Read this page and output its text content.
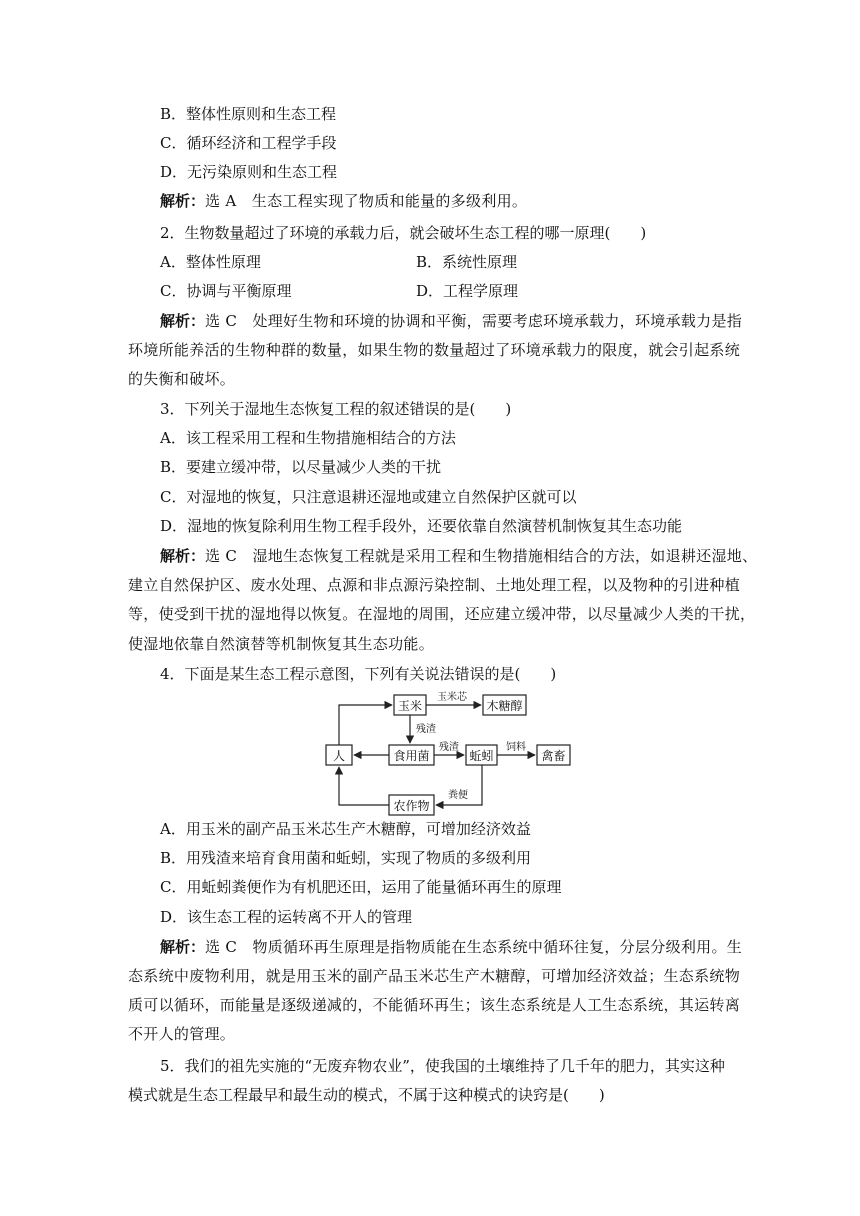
B．整体性原则和生态工程
C．循环经济和工程学手段
D．无污染原则和生态工程
解析：选 A　生态工程实现了物质和能量的多级利用。
2．生物数量超过了环境的承载力后，就会破坏生态工程的哪一原理(　　)
A．整体性原理	B．系统性原理
C．协调与平衡原理	D．工程学原理
解析：选 C　处理好生物和环境的协调和平衡，需要考虑环境承载力，环境承载力是指
环境所能养活的生物种群的数量，如果生物的数量超过了环境承载力的限度，就会引起系统
的失衡和破坏。
3．下列关于湿地生态恢复工程的叙述错误的是(　　)
A．该工程采用工程和生物措施相结合的方法
B．要建立缓冲带，以尽量减少人类的干扰
C．对湿地的恢复，只注意退耕还湿地或建立自然保护区就可以
D．湿地的恢复除利用生物工程手段外，还要依靠自然演替机制恢复其生态功能
解析：选 C　湿地生态恢复工程就是采用工程和生物措施相结合的方法，如退耕还湿地、
建立自然保护区、废水处理、点源和非点源污染控制、土地处理工程，以及物种的引进种植
等，使受到干扰的湿地得以恢复。在湿地的周围，还应建立缓冲带，以尽量减少人类的干扰，
使湿地依靠自然演替等机制恢复其生态功能。
4．下面是某生态工程示意图，下列有关说法错误的是(　　)
玉米	木糖醇
人	食用菌	蚯蚓	禽畜
农作物
玉米芯
残渣
残渣	饲料
粪便
A．用玉米的副产品玉米芯生产木糖醇，可增加经济效益
B．用残渣来培育食用菌和蚯蚓，实现了物质的多级利用
C．用蚯蚓粪便作为有机肥还田，运用了能量循环再生的原理
D．该生态工程的运转离不开人的管理
解析：选 C　物质循环再生原理是指物质能在生态系统中循环往复，分层分级利用。生
态系统中废物利用，就是用玉米的副产品玉米芯生产木糖醇，可增加经济效益；生态系统物
质可以循环，而能量是逐级递减的，不能循环再生；该生态系统是人工生态系统，其运转离
不开人的管理。
5．我们的祖先实施的“无废弃物农业”，使我国的土壤维持了几千年的肥力，其实这种
模式就是生态工程最早和最生动的模式，不属于这种模式的诀窍是(　　)
